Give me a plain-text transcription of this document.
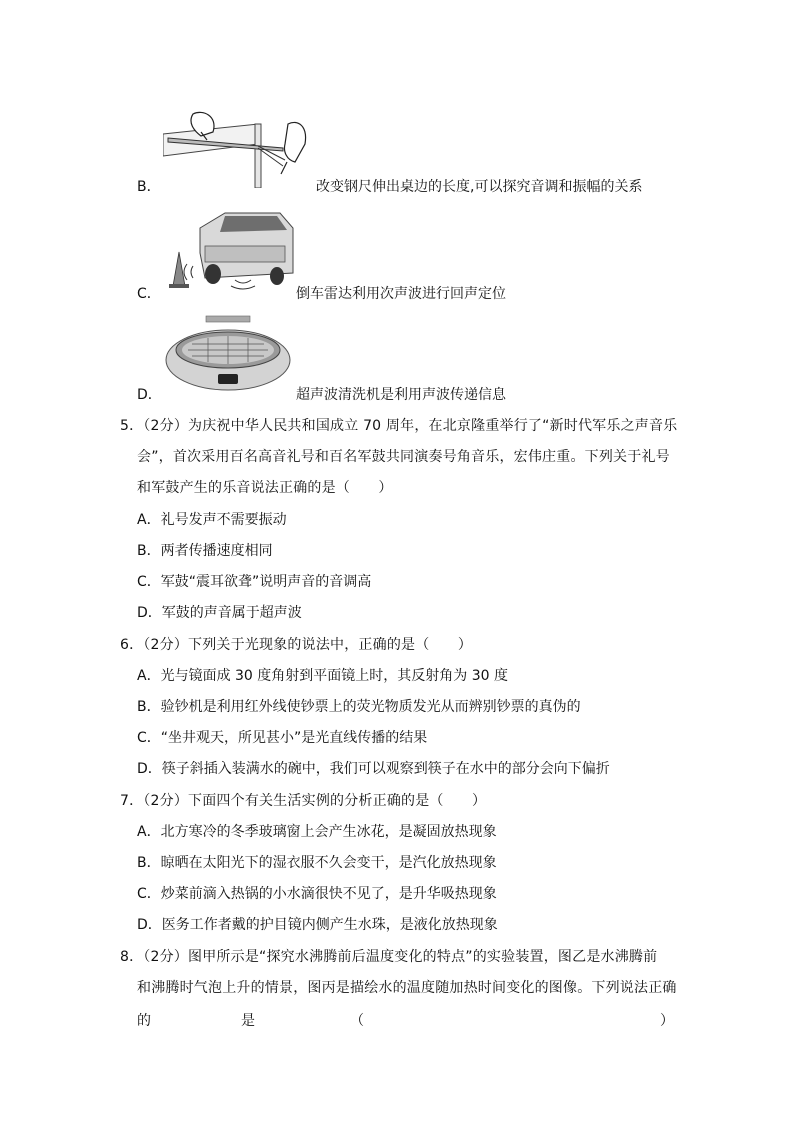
B．	改变钢尺伸出桌边的长度,可以探究音调和振幅的关系
C．	倒车雷达利用次声波进行回声定位
D．	超声波清洗机是利用声波传递信息
5．（2分）为庆祝中华人民共和国成立 70 周年，在北京隆重举行了“新时代军乐之声音乐
会”，首次采用百名高音礼号和百名军鼓共同演奏号角音乐，宏伟庄重。下列关于礼号
和军鼓产生的乐音说法正确的是（　　）
A．礼号发声不需要振动
B．两者传播速度相同
C．军鼓“震耳欲聋”说明声音的音调高
D．军鼓的声音属于超声波
6．（2分）下列关于光现象的说法中，正确的是（　　）
A．光与镜面成 30 度角射到平面镜上时，其反射角为 30 度
B．验钞机是利用红外线使钞票上的荧光物质发光从而辨别钞票的真伪的
C．“坐井观天，所见甚小”是光直线传播的结果
D．筷子斜插入装满水的碗中，我们可以观察到筷子在水中的部分会向下偏折
7．（2分）下面四个有关生活实例的分析正确的是（　　）
A．北方寒冷的冬季玻璃窗上会产生冰花，是凝固放热现象
B．晾晒在太阳光下的湿衣服不久会变干，是汽化放热现象
C．炒菜前滴入热锅的小水滴很快不见了，是升华吸热现象
D．医务工作者戴的护目镜内侧产生水珠，是液化放热现象
8．（2分）图甲所示是“探究水沸腾前后温度变化的特点”的实验装置，图乙是水沸腾前
和沸腾时气泡上升的情景，图丙是描绘水的温度随加热时间变化的图像。下列说法正确
的	是	（	）
